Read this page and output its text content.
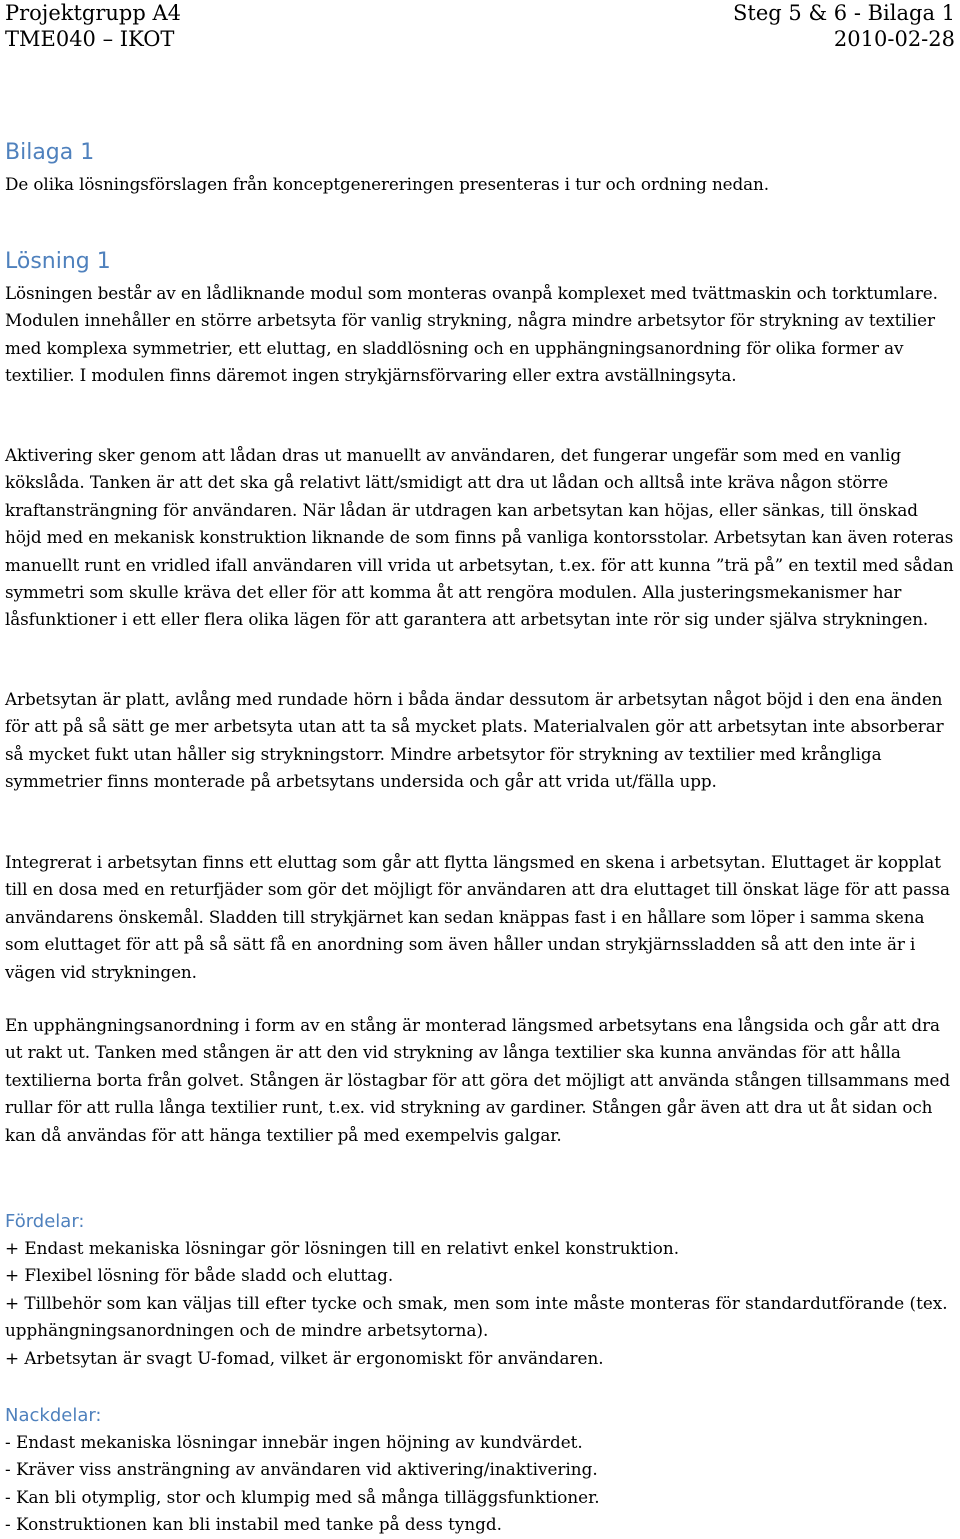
Projektgrupp A4	Steg 5 & 6 - Bilaga 1
TME040 – IKOT	2010-02-28
Bilaga 1

De olika lösningsförslagen från konceptgenereringen presenteras i tur och ordning nedan.

Lösning 1

Lösningen består av en lådliknande modul som monteras ovanpå komplexet med tvättmaskin och torktumlare. Modulen innehåller en större arbetsyta för vanlig strykning, några mindre arbetsytor för strykning av textilier med komplexa symmetrier, ett eluttag, en sladdlösning och en upphängningsanordning för olika former av textilier. I modulen finns däremot ingen strykjärnsförvaring eller extra avställningsyta.

Aktivering sker genom att lådan dras ut manuellt av användaren, det fungerar ungefär som med en vanlig kökslåda. Tanken är att det ska gå relativt lätt/smidigt att dra ut lådan och alltså inte kräva någon större kraftansträngning för användaren. När lådan är utdragen kan arbetsytan kan höjas, eller sänkas, till önskad höjd med en mekanisk konstruktion liknande de som finns på vanliga kontorsstolar. Arbetsytan kan även roteras manuellt runt en vridled ifall användaren vill vrida ut arbetsytan, t.ex. för att kunna ”trä på” en textil med sådan symmetri som skulle kräva det eller för att komma åt att rengöra modulen. Alla justeringsmekanismer har låsfunktioner i ett eller flera olika lägen för att garantera att arbetsytan inte rör sig under själva strykningen.

Arbetsytan är platt, avlång med rundade hörn i båda ändar dessutom är arbetsytan något böjd i den ena änden för att på så sätt ge mer arbetsyta utan att ta så mycket plats. Materialvalen gör att arbetsytan inte absorberar så mycket fukt utan håller sig strykningstorr. Mindre arbetsytor för strykning av textilier med krångliga symmetrier finns monterade på arbetsytans undersida och går att vrida ut/fälla upp.

Integrerat i arbetsytan finns ett eluttag som går att flytta längsmed en skena i arbetsytan. Eluttaget är kopplat till en dosa med en returfjäder som gör det möjligt för användaren att dra eluttaget till önskat läge för att passa användarens önskemål. Sladden till strykjärnet kan sedan knäppas fast i en hållare som löper i samma skena som eluttaget för att på så sätt få en anordning som även håller undan strykjärnssladden så att den inte är i vägen vid strykningen.

En upphängningsanordning i form av en stång är monterad längsmed arbetsytans ena långsida och går att dra ut rakt ut. Tanken med stången är att den vid strykning av långa textilier ska kunna användas för att hålla textilierna borta från golvet. Stången är löstagbar för att göra det möjligt att använda stången tillsammans med rullar för att rulla långa textilier runt, t.ex. vid strykning av gardiner. Stången går även att dra ut åt sidan och kan då användas för att hänga textilier på med exempelvis galgar.

Fördelar:
+ Endast mekaniska lösningar gör lösningen till en relativt enkel konstruktion.
+ Flexibel lösning för både sladd och eluttag.
+ Tillbehör som kan väljas till efter tycke och smak, men som inte måste monteras för standardutförande (tex. upphängningsanordningen och de mindre arbetsytorna).
+ Arbetsytan är svagt U-fomad, vilket är ergonomiskt för användaren.
Nackdelar:
- Endast mekaniska lösningar innebär ingen höjning av kundvärdet.
- Kräver viss ansträngning av användaren vid aktivering/inaktivering.
- Kan bli otymplig, stor och klumpig med så många tilläggsfunktioner.
- Konstruktionen kan bli instabil med tanke på dess tyngd.
